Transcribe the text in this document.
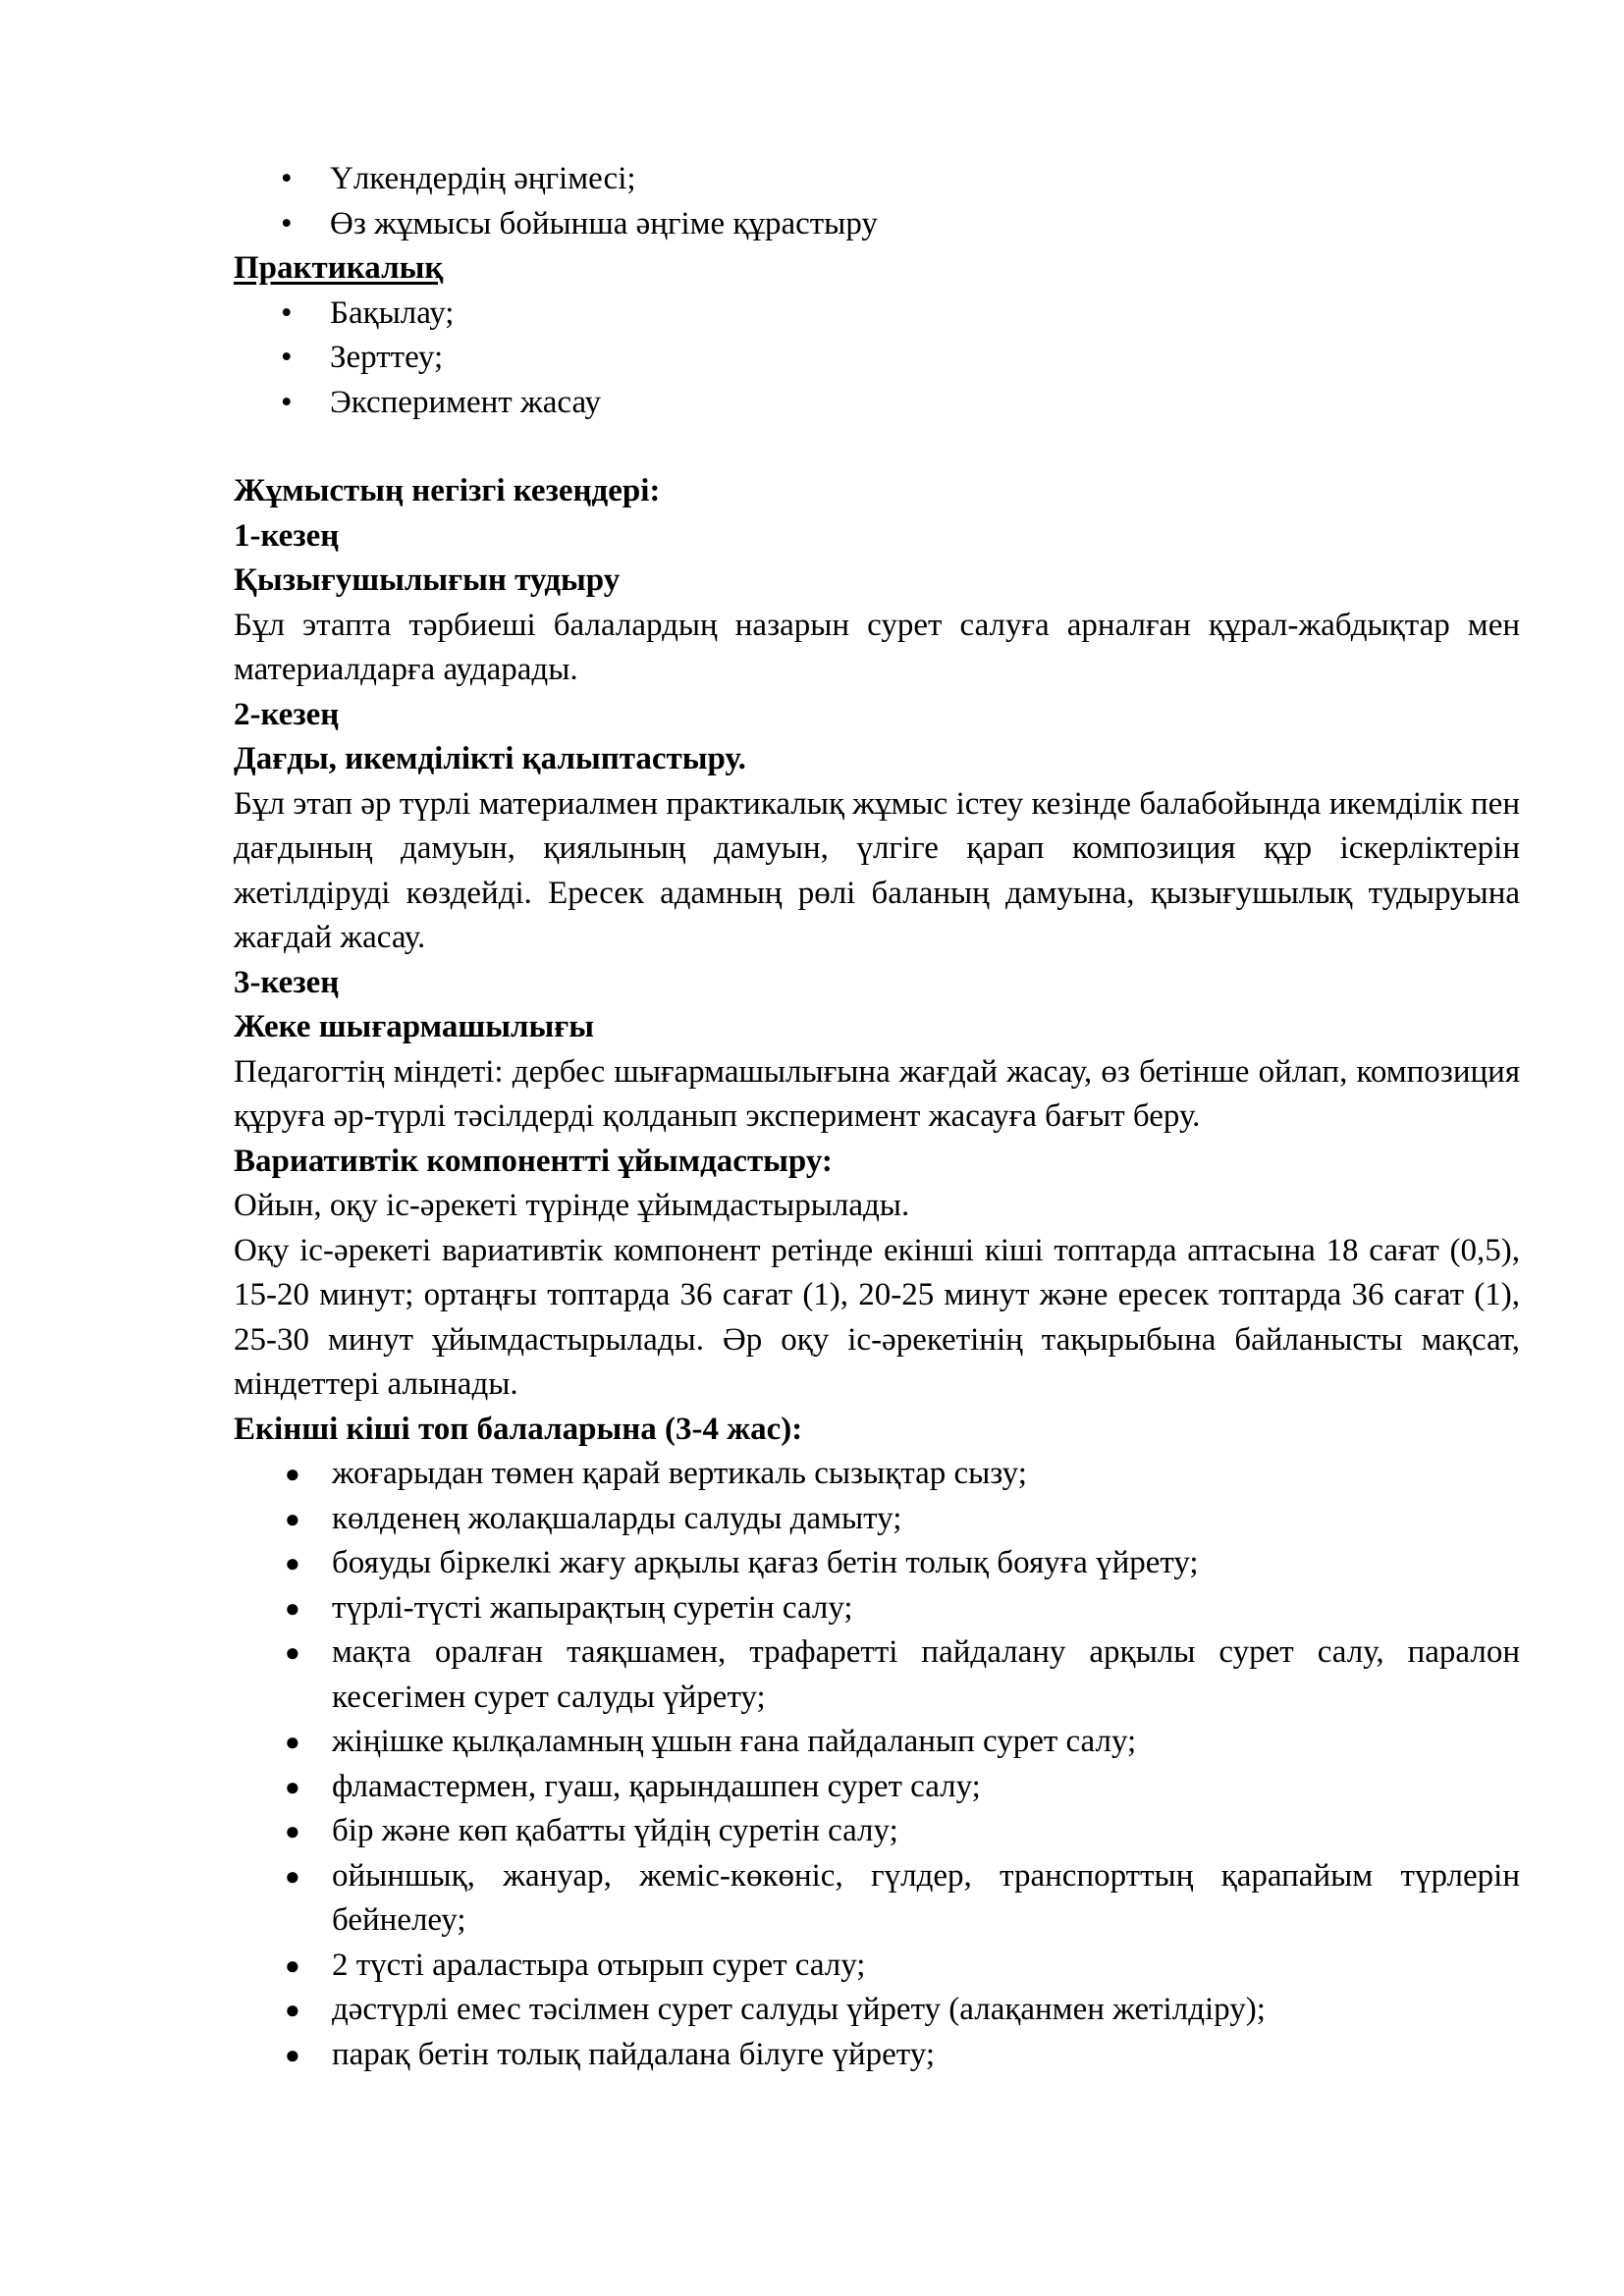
• Үлкендердің әңгімесі;
• Өз жұмысы бойынша әңгіме құрастыру
Практикалық
• Бақылау;
• Зерттеу;
• Эксперимент жасау
Жұмыстың негізгі кезеңдері:
1-кезең
Қызығушылығын тудыру
Бұл этапта тәрбиеші балалардың назарын сурет салуға арналған құрал-жабдықтар мен материалдарға аударады.
2-кезең
Дағды, икемділікті қалыптастыру.
Бұл этап әр түрлі материалмен практикалық жұмыс істеу кезінде балабойында икемділік пен дағдының дамуын, қиялының дамуын, үлгіге қарап композиция құр іскерліктерін жетілдіруді көздейді. Ересек адамның рөлі баланың дамуына, қызығушылық тудыруына жағдай жасау.
3-кезең
Жеке шығармашылығы
Педагогтің міндеті: дербес шығармашылығына жағдай жасау, өз бетінше ойлап, композиция құруға әр-түрлі тәсілдерді қолданып эксперимент жасауға бағыт беру.
Вариативтік компонентті ұйымдастыру:
Ойын, оқу іс-әрекеті түрінде ұйымдастырылады.
Оқу іс-әрекеті вариативтік компонент ретінде екінші кіші топтарда аптасына 18 сағат (0,5), 15-20 минут; ортаңғы топтарда 36 сағат (1), 20-25 минут және ересек топтарда 36 сағат (1), 25-30 минут ұйымдастырылады. Әр оқу іс-әрекетінің тақырыбына байланысты мақсат, міндеттері алынады.
Екінші кіші топ балаларына (3-4 жас):
● жоғарыдан төмен қарай вертикаль сызықтар сызу;
● көлденең жолақшаларды салуды дамыту;
● бояуды біркелкі жағу арқылы қағаз бетін толық бояуға үйрету;
● түрлі-түсті жапырақтың суретін салу;
● мақта оралған таяқшамен, трафаретті пайдалану арқылы сурет салу, паралон кесегімен сурет салуды үйрету;
● жіңішке қылқаламның ұшын ғана пайдаланып сурет салу;
● фламастермен, гуаш, қарындашпен сурет салу;
● бір және көп қабатты үйдің суретін салу;
● ойыншық, жануар, жеміс-көкөніс, гүлдер, транспорттың қарапайым түрлерін бейнелеу;
● 2 түсті араластыра отырып сурет салу;
● дәстүрлі емес тәсілмен сурет салуды үйрету (алақанмен жетілдіру);
● парақ бетін толық пайдалана білуге үйрету;
